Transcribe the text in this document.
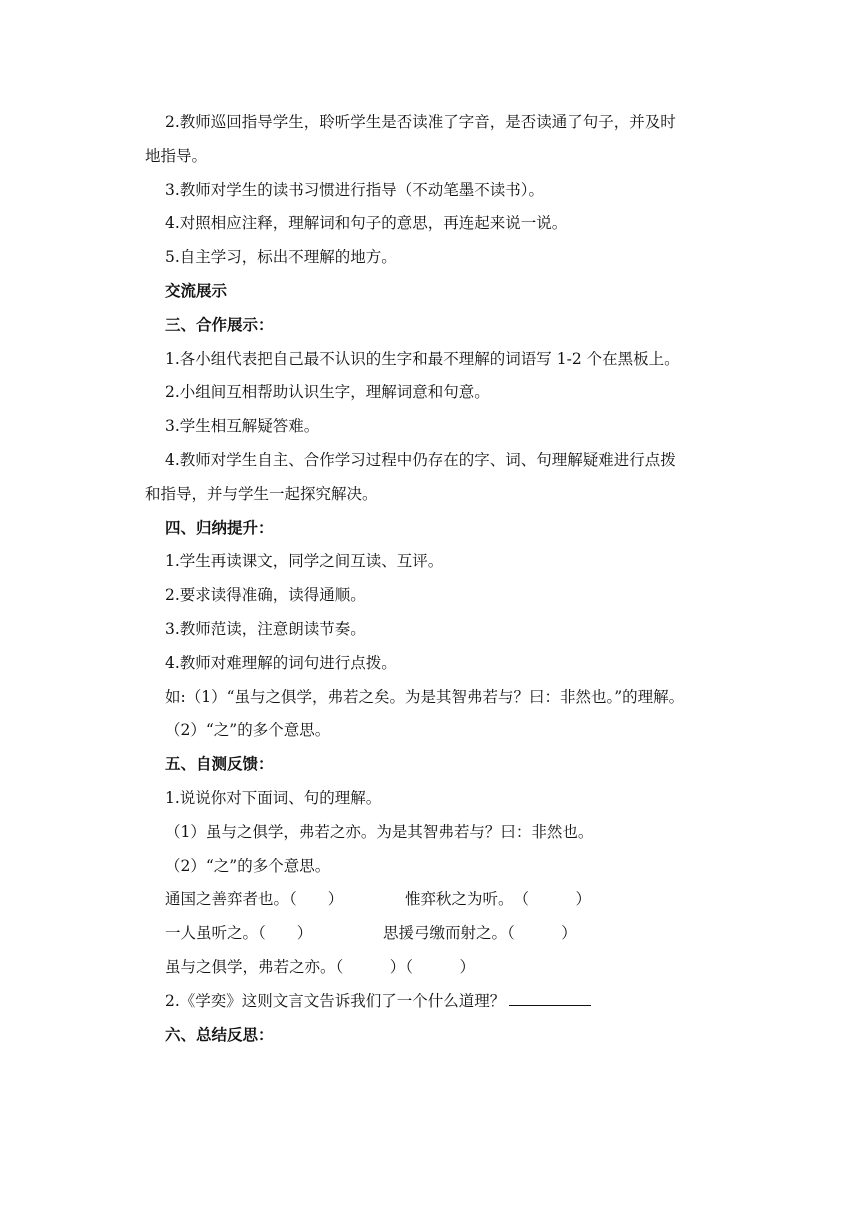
2.教师巡回指导学生，聆听学生是否读准了字音，是否读通了句子，并及时
地指导。
3.教师对学生的读书习惯进行指导（不动笔墨不读书）。
4.对照相应注释，理解词和句子的意思，再连起来说一说。
5.自主学习，标出不理解的地方。
交流展示
三、合作展示：
1.各小组代表把自己最不认识的生字和最不理解的词语写 1-2 个在黑板上。
2.小组间互相帮助认识生字，理解词意和句意。
3.学生相互解疑答难。
4.教师对学生自主、合作学习过程中仍存在的字、词、句理解疑难进行点拨
和指导，并与学生一起探究解决。
四、归纳提升：
1.学生再读课文，同学之间互读、互评。
2.要求读得准确，读得通顺。
3.教师范读，注意朗读节奏。
4.教师对难理解的词句进行点拨。
如:（1）“虽与之俱学，弗若之矣。为是其智弗若与？曰：非然也。”的理解。
（2）“之”的多个意思。
五、自测反馈：
1.说说你对下面词、句的理解。
（1）虽与之俱学，弗若之亦。为是其智弗若与？曰：非然也。
（2）“之”的多个意思。
通国之善弈者也。（　　）	惟弈秋之为听。　（　　　）
一人虽听之。（　　）	思援弓缴而射之。（　　　）
虽与之俱学，弗若之亦。（　　　）（　　　）
2.《学奕》这则文言文告诉我们了一个什么道理？
六、总结反思：
